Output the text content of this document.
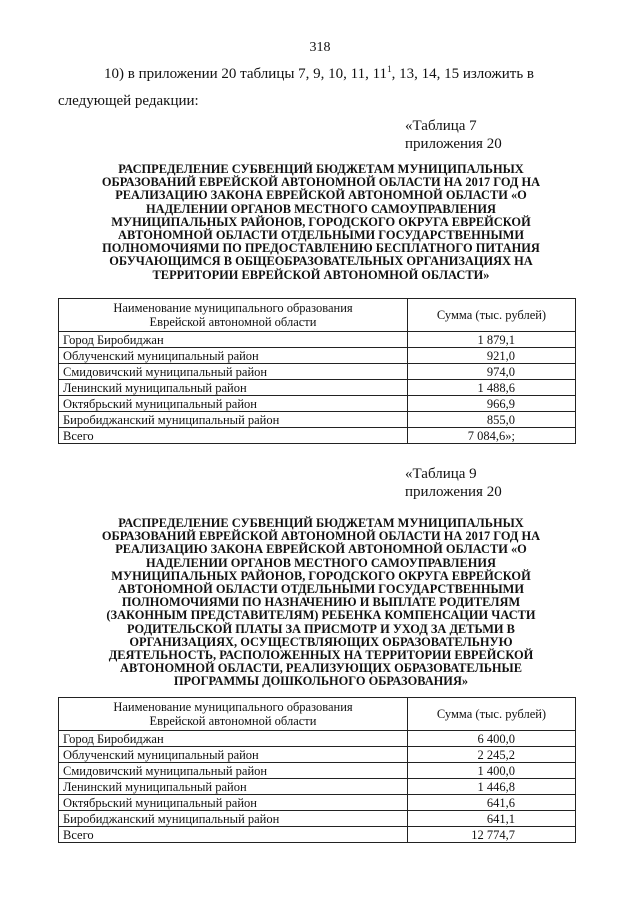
318
10) в приложении 20 таблицы 7, 9, 10, 11, $11^1$, 13, 14, 15 изложить в
следующей редакции:
«Таблица 7
приложения 20
РАСПРЕДЕЛЕНИЕ СУБВЕНЦИЙ БЮДЖЕТАМ МУНИЦИПАЛЬНЫХ
ОБРАЗОВАНИЙ ЕВРЕЙСКОЙ АВТОНОМНОЙ ОБЛАСТИ НА 2017 ГОД НА
РЕАЛИЗАЦИЮ ЗАКОНА ЕВРЕЙСКОЙ АВТОНОМНОЙ ОБЛАСТИ «О
НАДЕЛЕНИИ ОРГАНОВ МЕСТНОГО САМОУПРАВЛЕНИЯ
МУНИЦИПАЛЬНЫХ РАЙОНОВ, ГОРОДСКОГО ОКРУГА ЕВРЕЙСКОЙ
АВТОНОМНОЙ ОБЛАСТИ ОТДЕЛЬНЫМИ ГОСУДАРСТВЕННЫМИ
ПОЛНОМОЧИЯМИ ПО ПРЕДОСТАВЛЕНИЮ БЕСПЛАТНОГО ПИТАНИЯ
ОБУЧАЮЩИМСЯ В ОБЩЕОБРАЗОВАТЕЛЬНЫХ ОРГАНИЗАЦИЯХ НА
ТЕРРИТОРИИ ЕВРЕЙСКОЙ АВТОНОМНОЙ ОБЛАСТИ»
Наименование муниципального образования
Еврейской автономной области	Сумма (тыс. рублей)
Город Биробиджан	1 879,1
Облученский муниципальный район	921,0
Смидовичский муниципальный район	974,0
Ленинский муниципальный район	1 488,6
Октябрьский муниципальный район	966,9
Биробиджанский муниципальный район	855,0
Всего	7 084,6»;
«Таблица 9
приложения 20
РАСПРЕДЕЛЕНИЕ СУБВЕНЦИЙ БЮДЖЕТАМ МУНИЦИПАЛЬНЫХ
ОБРАЗОВАНИЙ ЕВРЕЙСКОЙ АВТОНОМНОЙ ОБЛАСТИ НА 2017 ГОД НА
РЕАЛИЗАЦИЮ ЗАКОНА ЕВРЕЙСКОЙ АВТОНОМНОЙ ОБЛАСТИ «О
НАДЕЛЕНИИ ОРГАНОВ МЕСТНОГО САМОУПРАВЛЕНИЯ
МУНИЦИПАЛЬНЫХ РАЙОНОВ, ГОРОДСКОГО ОКРУГА ЕВРЕЙСКОЙ
АВТОНОМНОЙ ОБЛАСТИ ОТДЕЛЬНЫМИ ГОСУДАРСТВЕННЫМИ
ПОЛНОМОЧИЯМИ ПО НАЗНАЧЕНИЮ И ВЫПЛАТЕ РОДИТЕЛЯМ
(ЗАКОННЫМ ПРЕДСТАВИТЕЛЯМ) РЕБЕНКА КОМПЕНСАЦИИ ЧАСТИ
РОДИТЕЛЬСКОЙ ПЛАТЫ ЗА ПРИСМОТР И УХОД ЗА ДЕТЬМИ В
ОРГАНИЗАЦИЯХ, ОСУЩЕСТВЛЯЮЩИХ ОБРАЗОВАТЕЛЬНУЮ
ДЕЯТЕЛЬНОСТЬ, РАСПОЛОЖЕННЫХ НА ТЕРРИТОРИИ ЕВРЕЙСКОЙ
АВТОНОМНОЙ ОБЛАСТИ, РЕАЛИЗУЮЩИХ ОБРАЗОВАТЕЛЬНЫЕ
ПРОГРАММЫ ДОШКОЛЬНОГО ОБРАЗОВАНИЯ»
Наименование муниципального образования
Еврейской автономной области	Сумма (тыс. рублей)
Город Биробиджан	6 400,0
Облученский муниципальный район	2 245,2
Смидовичский муниципальный район	1 400,0
Ленинский муниципальный район	1 446,8
Октябрьский муниципальный район	641,6
Биробиджанский муниципальный район	641,1
Всего	12 774,7
